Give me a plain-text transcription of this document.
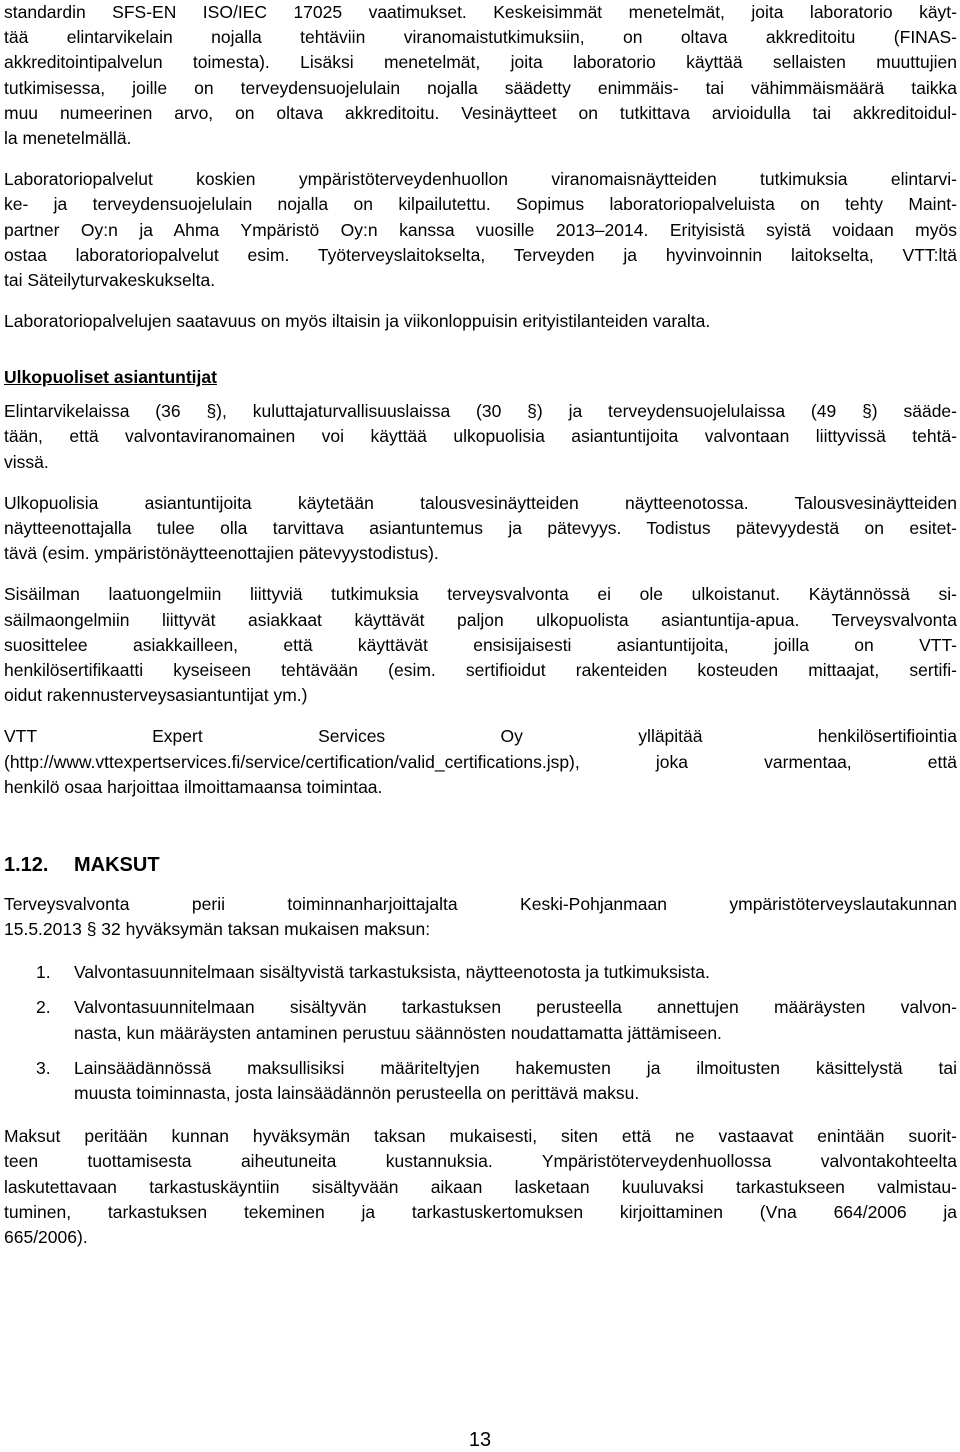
standardin SFS-EN ISO/IEC 17025 vaatimukset. Keskeisimmät menetelmät, joita laboratorio käyt-
tää elintarvikelain nojalla tehtäviin viranomaistutkimuksiin, on oltava akkreditoitu (FINAS-
akkreditointipalvelun toimesta). Lisäksi menetelmät, joita laboratorio käyttää sellaisten muuttujien
tutkimisessa, joille on terveydensuojelulain nojalla säädetty enimmäis- tai vähimmäismäärä taikka
muu numeerinen arvo, on oltava akkreditoitu. Vesinäytteet on tutkittava arvioidulla tai akkreditoidul-
la menetelmällä.
Laboratoriopalvelut koskien ympäristöterveydenhuollon viranomaisnäytteiden tutkimuksia elintarvi-
ke- ja terveydensuojelulain nojalla on kilpailutettu. Sopimus laboratoriopalveluista on tehty Maint-
partner Oy:n ja Ahma Ympäristö Oy:n kanssa vuosille 2013–2014. Erityisistä syistä voidaan myös
ostaa laboratoriopalvelut esim. Työterveyslaitokselta, Terveyden ja hyvinvoinnin laitokselta, VTT:ltä
tai Säteilyturvakeskukselta.
Laboratoriopalvelujen saatavuus on myös iltaisin ja viikonloppuisin erityistilanteiden varalta.
Ulkopuoliset asiantuntijat
Elintarvikelaissa (36 §), kuluttajaturvallisuuslaissa (30 §) ja terveydensuojelulaissa (49 §) sääde-
tään, että valvontaviranomainen voi käyttää ulkopuolisia asiantuntijoita valvontaan liittyvissä tehtä-
vissä.
Ulkopuolisia asiantuntijoita käytetään talousvesinäytteiden näytteenotossa. Talousvesinäytteiden
näytteenottajalla tulee olla tarvittava asiantuntemus ja pätevyys. Todistus pätevyydestä on esitet-
tävä (esim. ympäristönäytteenottajien pätevyystodistus).
Sisäilman laatuongelmiin liittyviä tutkimuksia terveysvalvonta ei ole ulkoistanut. Käytännössä si-
säilmaongelmiin liittyvät asiakkaat käyttävät paljon ulkopuolista asiantuntija-apua. Terveysvalvonta
suosittelee asiakkailleen, että käyttävät ensisijaisesti asiantuntijoita, joilla on VTT-
henkilösertifikaatti kyseiseen tehtävään (esim. sertifioidut rakenteiden kosteuden mittaajat, sertifi-
oidut rakennusterveysasiantuntijat ym.)
VTT Expert Services Oy ylläpitää henkilösertifiointia
(http://www.vttexpertservices.fi/service/certification/valid_certifications.jsp), joka varmentaa, että
henkilö osaa harjoittaa ilmoittamaansa toimintaa.
1.12. MAKSUT
Terveysvalvonta perii toiminnanharjoittajalta Keski-Pohjanmaan ympäristöterveyslautakunnan
15.5.2013 § 32 hyväksymän taksan mukaisen maksun:
1. Valvontasuunnitelmaan sisältyvistä tarkastuksista, näytteenotosta ja tutkimuksista.
2. Valvontasuunnitelmaan sisältyvän tarkastuksen perusteella annettujen määräysten valvon-
nasta, kun määräysten antaminen perustuu säännösten noudattamatta jättämiseen.
3. Lainsäädännössä maksullisiksi määriteltyjen hakemusten ja ilmoitusten käsittelystä tai
muusta toiminnasta, josta lainsäädännön perusteella on perittävä maksu.
Maksut peritään kunnan hyväksymän taksan mukaisesti, siten että ne vastaavat enintään suorit-
teen tuottamisesta aiheutuneita kustannuksia. Ympäristöterveydenhuollossa valvontakohteelta
laskutettavaan tarkastuskäyntiin sisältyvään aikaan lasketaan kuuluvaksi tarkastukseen valmistau-
tuminen, tarkastuksen tekeminen ja tarkastuskertomuksen kirjoittaminen (Vna 664/2006 ja
665/2006).
13
